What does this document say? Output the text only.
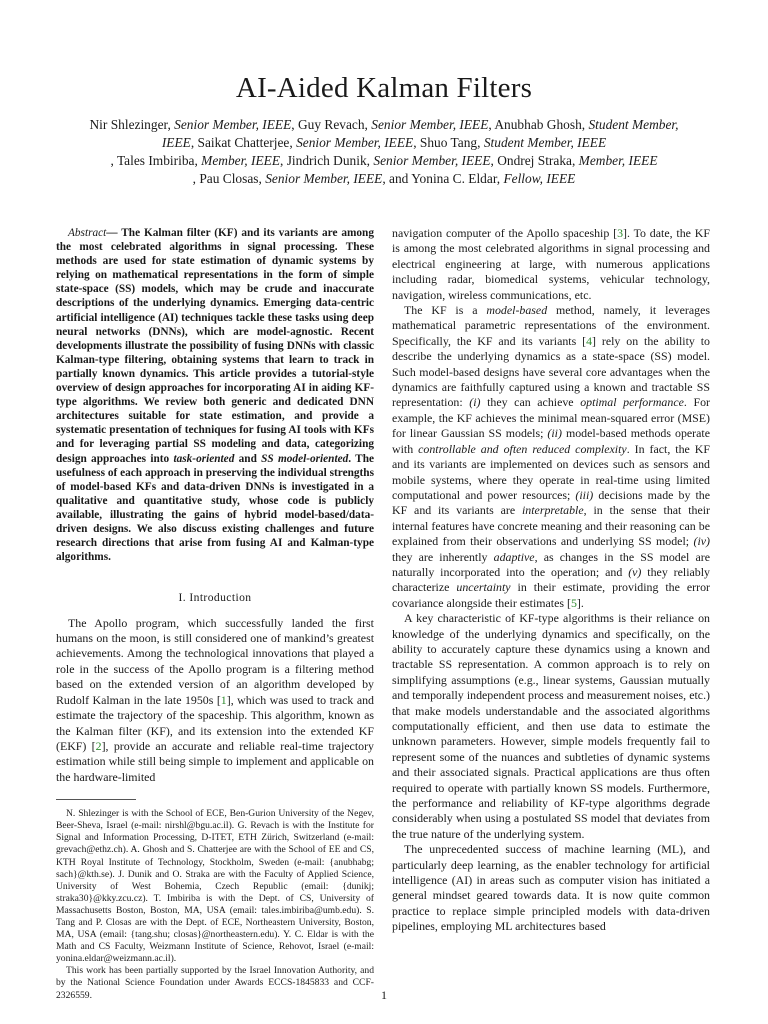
AI-Aided Kalman Filters
Nir Shlezinger, Senior Member, IEEE, Guy Revach, Senior Member, IEEE, Anubhab Ghosh, Student Member, IEEE, Saikat Chatterjee, Senior Member, IEEE, Shuo Tang, Student Member, IEEE
, Tales Imbiriba, Member, IEEE, Jindrich Dunik, Senior Member, IEEE, Ondrej Straka, Member, IEEE
, Pau Closas, Senior Member, IEEE, and Yonina C. Eldar, Fellow, IEEE

Abstract— The Kalman filter (KF) and its variants are among the most celebrated algorithms in signal processing. These methods are used for state estimation of dynamic systems by relying on mathematical representations in the form of simple state-space (SS) models, which may be crude and inaccurate descriptions of the underlying dynamics. Emerging data-centric artificial intelligence (AI) techniques tackle these tasks using deep neural networks (DNNs), which are model-agnostic. Recent developments illustrate the possibility of fusing DNNs with classic Kalman-type filtering, obtaining systems that learn to track in partially known dynamics. This article provides a tutorial-style overview of design approaches for incorporating AI in aiding KF-type algorithms. We review both generic and dedicated DNN architectures suitable for state estimation, and provide a systematic presentation of techniques for fusing AI tools with KFs and for leveraging partial SS modeling and data, categorizing design approaches into task-oriented and SS model-oriented. The usefulness of each approach in preserving the individual strengths of model-based KFs and data-driven DNNs is investigated in a qualitative and quantitative study, whose code is publicly available, illustrating the gains of hybrid model-based/data-driven designs. We also discuss existing challenges and future research directions that arise from fusing AI and Kalman-type algorithms.

I. Introduction

The Apollo program, which successfully landed the first humans on the moon, is still considered one of mankind’s greatest achievements. Among the technological innovations that played a role in the success of the Apollo program is a filtering method based on the extended version of an algorithm developed by Rudolf Kalman in the late 1950s [1], which was used to track and estimate the trajectory of the spaceship. This algorithm, known as the Kalman filter (KF), and its extension into the extended KF (EKF) [2], provide an accurate and reliable real-time trajectory estimation while still being simple to implement and applicable on the hardware-limited

N. Shlezinger is with the School of ECE, Ben-Gurion University of the Negev, Beer-Sheva, Israel (e-mail: nirshl@bgu.ac.il). G. Revach is with the Institute for Signal and Information Processing, D-ITET, ETH Zürich, Switzerland (e-mail: grevach@ethz.ch). A. Ghosh and S. Chatterjee are with the School of EE and CS, KTH Royal Institute of Technology, Stockholm, Sweden (e-mail: {anubhabg; sach}@kth.se). J. Dunik and O. Straka are with the Faculty of Applied Science, University of West Bohemia, Czech Republic (email: {dunikj; straka30}@kky.zcu.cz). T. Imbiriba is with the Dept. of CS, University of Massachusetts Boston, Boston, MA, USA (email: tales.imbiriba@umb.edu). S. Tang and P. Closas are with the Dept. of ECE, Northeastern University, Boston, MA, USA (email: {tang.shu; closas}@northeastern.edu). Y. C. Eldar is with the Math and CS Faculty, Weizmann Institute of Science, Rehovot, Israel (e-mail: yonina.eldar@weizmann.ac.il).

This work has been partially supported by the Israel Innovation Authority, and by the National Science Foundation under Awards ECCS-1845833 and CCF-2326559.

navigation computer of the Apollo spaceship [3]. To date, the KF is among the most celebrated algorithms in signal processing and electrical engineering at large, with numerous applications including radar, biomedical systems, vehicular technology, navigation, wireless communications, etc.

The KF is a model-based method, namely, it leverages mathematical parametric representations of the environment. Specifically, the KF and its variants [4] rely on the ability to describe the underlying dynamics as a state-space (SS) model. Such model-based designs have several core advantages when the dynamics are faithfully captured using a known and tractable SS representation: (i) they can achieve optimal performance. For example, the KF achieves the minimal mean-squared error (MSE) for linear Gaussian SS models; (ii) model-based methods operate with controllable and often reduced complexity. In fact, the KF and its variants are implemented on devices such as sensors and mobile systems, where they operate in real-time using limited computational and power resources; (iii) decisions made by the KF and its variants are interpretable, in the sense that their internal features have concrete meaning and their reasoning can be explained from their observations and underlying SS model; (iv) they are inherently adaptive, as changes in the SS model are naturally incorporated into the operation; and (v) they reliably characterize uncertainty in their estimate, providing the error covariance alongside their estimates [5].

A key characteristic of KF-type algorithms is their reliance on knowledge of the underlying dynamics and specifically, on the ability to accurately capture these dynamics using a known and tractable SS representation. A common approach is to rely on simplifying assumptions (e.g., linear systems, Gaussian mutually and temporally independent process and measurement noises, etc.) that make models understandable and the associated algorithms computationally efficient, and then use data to estimate the unknown parameters. However, simple models frequently fail to represent some of the nuances and subtleties of dynamic systems and their associated signals. Practical applications are thus often required to operate with partially known SS models. Furthermore, the performance and reliability of KF-type algorithms degrade considerably when using a postulated SS model that deviates from the true nature of the underlying system.

The unprecedented success of machine learning (ML), and particularly deep learning, as the enabler technology for artificial intelligence (AI) in areas such as computer vision has initiated a general mindset geared towards data. It is now quite common practice to replace simple principled models with data-driven pipelines, employing ML architectures based

1
